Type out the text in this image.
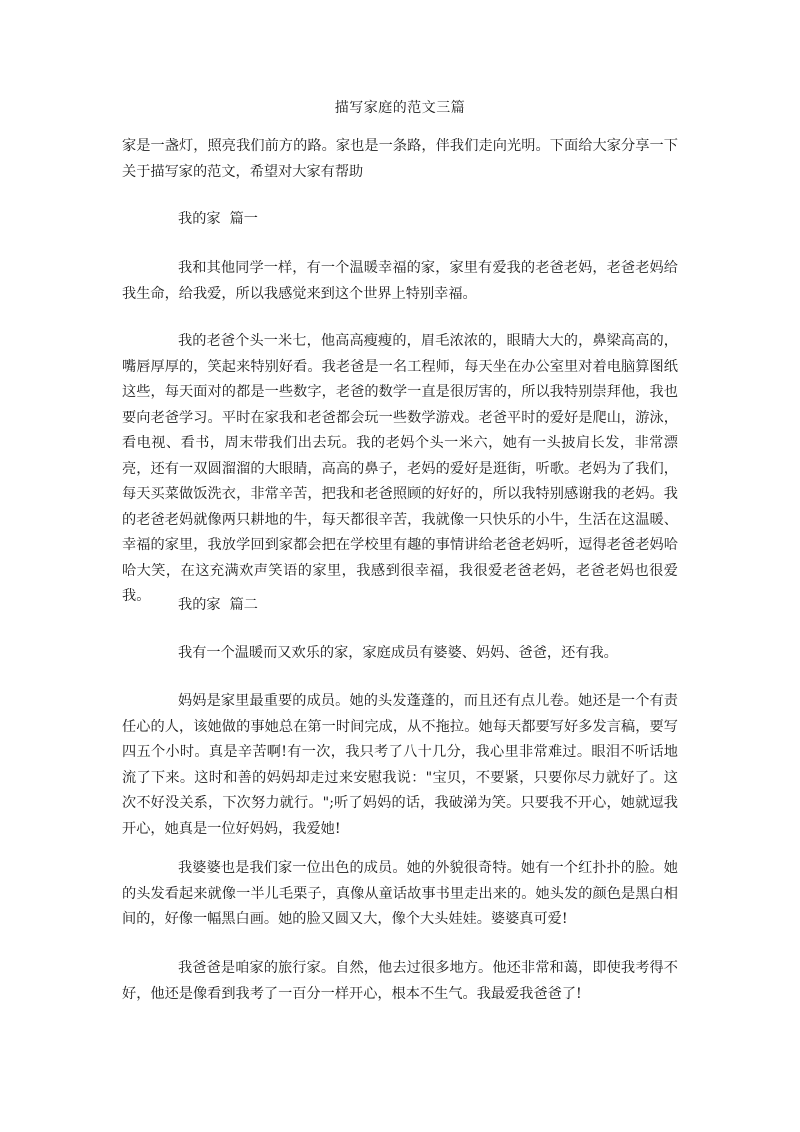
描写家庭的范文三篇

家是一盏灯，照亮我们前方的路。家也是一条路，伴我们走向光明。下面给大家分享一下关于描写家的范文，希望对大家有帮助

我的家  篇一

我和其他同学一样，有一个温暖幸福的家，家里有爱我的老爸老妈，老爸老妈给我生命，给我爱，所以我感觉来到这个世界上特别幸福。

我的老爸个头一米七，他高高瘦瘦的，眉毛浓浓的，眼睛大大的，鼻梁高高的，嘴唇厚厚的，笑起来特别好看。我老爸是一名工程师，每天坐在办公室里对着电脑算图纸这些，每天面对的都是一些数字，老爸的数学一直是很厉害的，所以我特别崇拜他，我也要向老爸学习。平时在家我和老爸都会玩一些数学游戏。老爸平时的爱好是爬山，游泳，看电视、看书，周末带我们出去玩。我的老妈个头一米六，她有一头披肩长发，非常漂亮，还有一双圆溜溜的大眼睛，高高的鼻子，老妈的爱好是逛街，听歌。老妈为了我们，每天买菜做饭洗衣，非常辛苦，把我和老爸照顾的好好的，所以我特别感谢我的老妈。我的老爸老妈就像两只耕地的牛，每天都很辛苦，我就像一只快乐的小牛，生活在这温暖、幸福的家里，我放学回到家都会把在学校里有趣的事情讲给老爸老妈听，逗得老爸老妈哈哈大笑，在这充满欢声笑语的家里，我感到很幸福，我很爱老爸老妈，老爸老妈也很爱我。

我的家  篇二

我有一个温暖而又欢乐的家，家庭成员有婆婆、妈妈、爸爸，还有我。

妈妈是家里最重要的成员。她的头发蓬蓬的，而且还有点儿卷。她还是一个有责任心的人，该她做的事她总在第一时间完成，从不拖拉。她每天都要写好多发言稿，要写四五个小时。真是辛苦啊!有一次，我只考了八十几分，我心里非常难过。眼泪不听话地流了下来。这时和善的妈妈却走过来安慰我说："宝贝，不要紧，只要你尽力就好了。这次不好没关系，下次努力就行。";听了妈妈的话，我破涕为笑。只要我不开心，她就逗我开心，她真是一位好妈妈，我爱她!

我婆婆也是我们家一位出色的成员。她的外貌很奇特。她有一个红扑扑的脸。她的头发看起来就像一半儿毛栗子，真像从童话故事书里走出来的。她头发的颜色是黑白相间的，好像一幅黑白画。她的脸又圆又大，像个大头娃娃。婆婆真可爱!

我爸爸是咱家的旅行家。自然，他去过很多地方。他还非常和蔼，即使我考得不好，他还是像看到我考了一百分一样开心，根本不生气。我最爱我爸爸了!
